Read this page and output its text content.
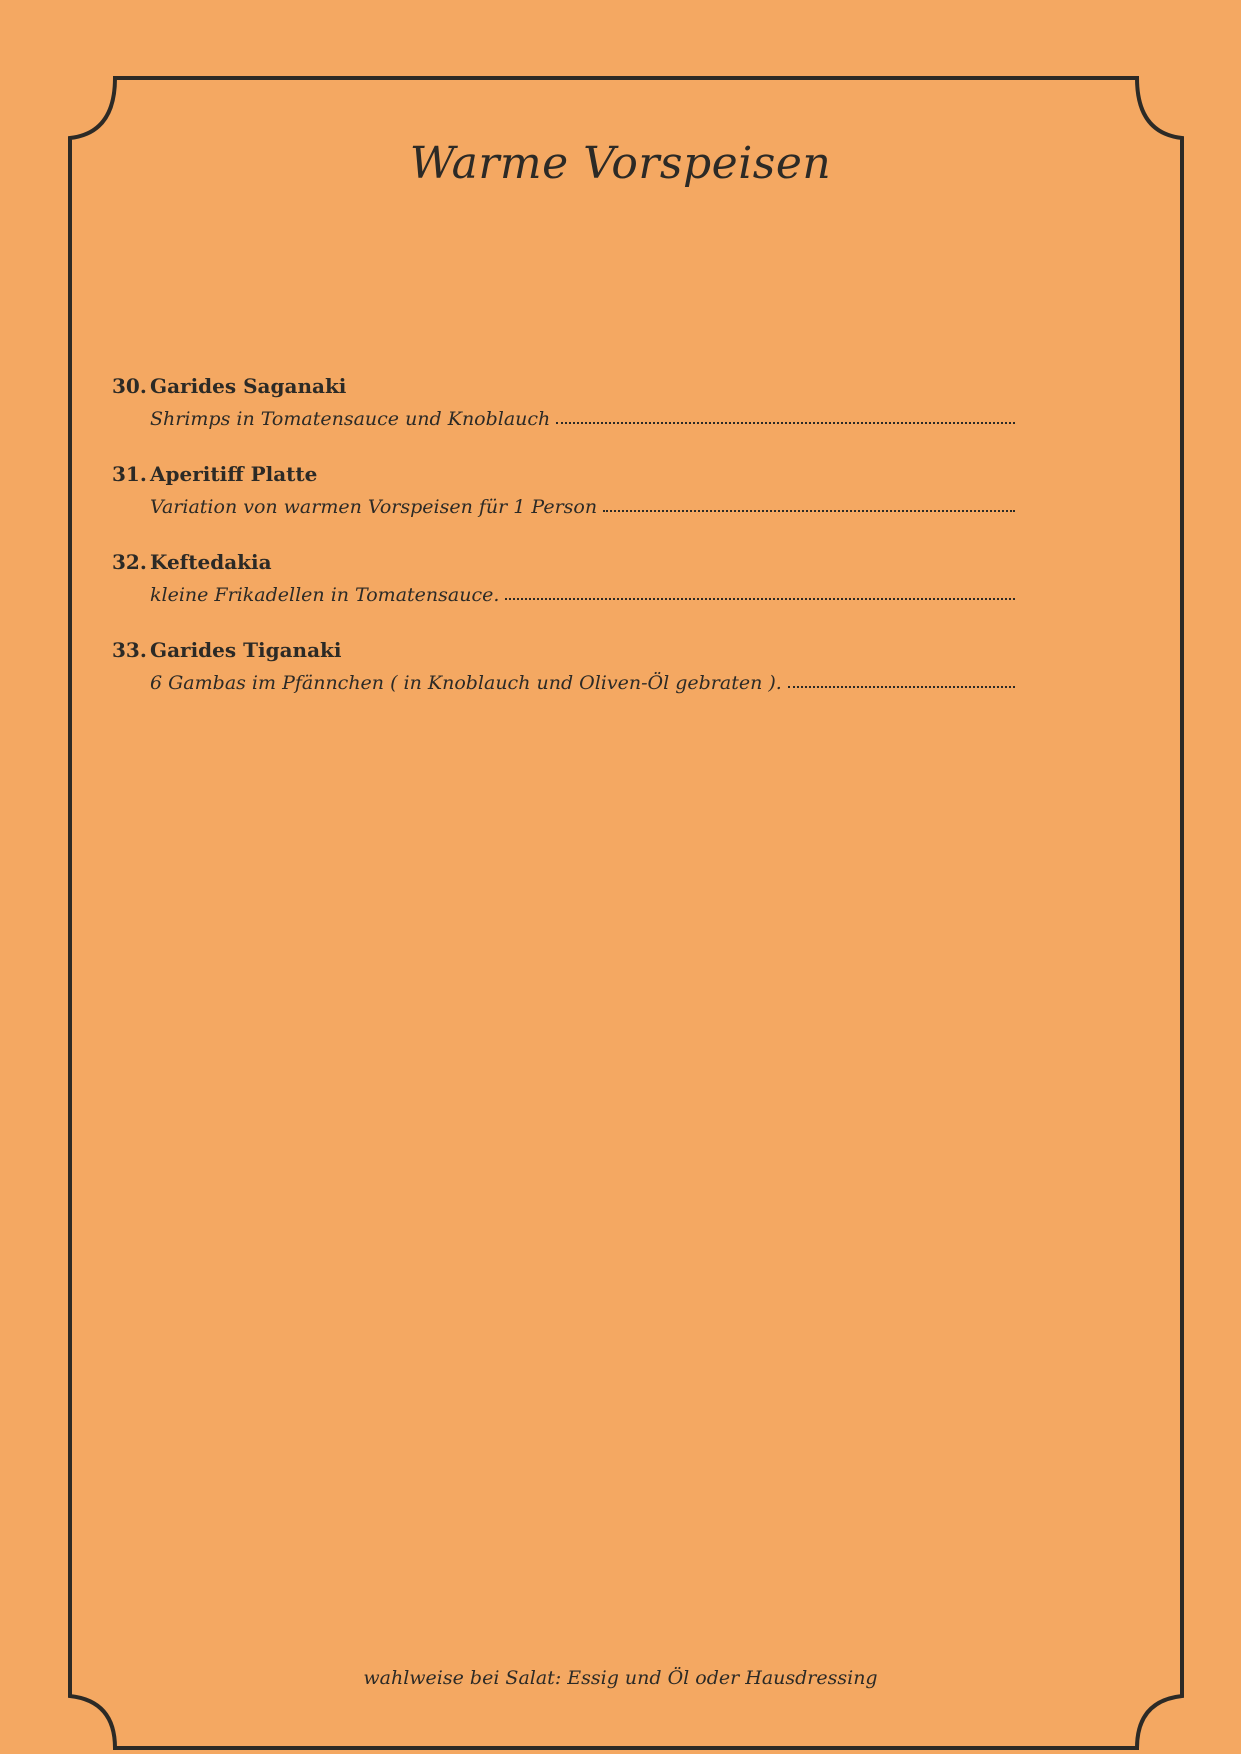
Warme Vorspeisen
30. Garides Saganaki
Shrimps in Tomatensauce und Knoblauch
31. Aperitiff Platte
Variation von warmen Vorspeisen für 1 Person
32. Keftedakia
kleine Frikadellen in Tomatensauce.
33. Garides Tiganaki
6 Gambas im Pfännchen ( in Knoblauch und Oliven-Öl gebraten ).
wahlweise bei Salat: Essig und Öl oder Hausdressing
